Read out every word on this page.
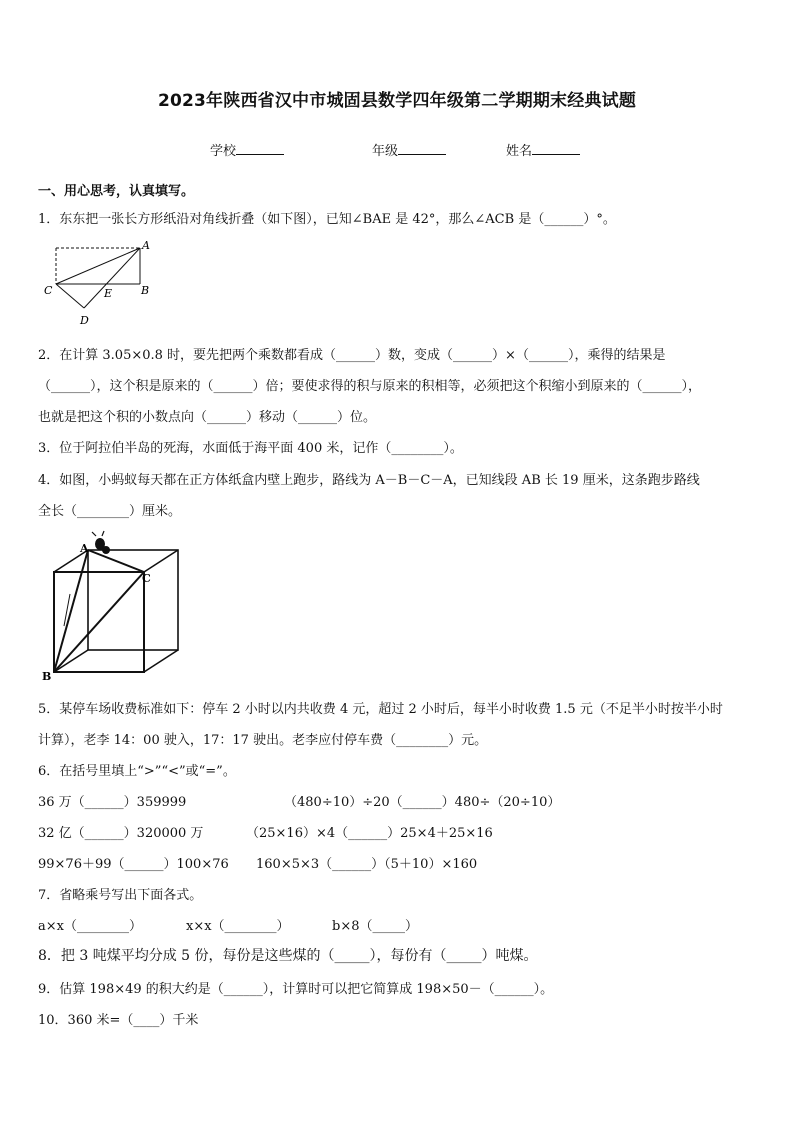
2023年陕西省汉中市城固县数学四年级第二学期期末经典试题
学校	年级	姓名
一、用心思考，认真填写。
1．东东把一张长方形纸沿对角线折叠（如下图），已知∠BAE 是 42°，那么∠ACB 是（______）°。
A
B
C
D
E
2．在计算 3.05×0.8 时，要先把两个乘数都看成（______）数，变成（______）×（______），乘得的结果是
（______），这个积是原来的（______）倍；要使求得的积与原来的积相等，必须把这个积缩小到原来的（______），
也就是把这个积的小数点向（______）移动（______）位。
3．位于阿拉伯半岛的死海，水面低于海平面 400 米，记作（________）。
4．如图，小蚂蚁每天都在正方体纸盒内壁上跑步，路线为 A－B－C－A，已知线段 AB 长 19 厘米，这条跑步路线
全长（________）厘米。
A
B
C
5．某停车场收费标准如下：停车 2 小时以内共收费 4 元，超过 2 小时后，每半小时收费 1.5 元（不足半小时按半小时
计算），老李 14：00 驶入，17：17 驶出。老李应付停车费（________）元。
6．在括号里填上“>”“<”或“=”。
36 万（______）359999	（480÷10）÷20（______）480÷（20÷10）
32 亿（______）320000 万	（25×16）×4（______）25×4＋25×16
99×76＋99（______）100×76 160×5×3（______）（5＋10）×160
7．省略乘号写出下面各式。
a×x（________）	x×x（________）	b×8（_____）
8．把 3 吨煤平均分成 5 份，每份是这些煤的（_____），每份有（_____）吨煤。
9．估算 198×49 的积大约是（______），计算时可以把它简算成 198×50－（______）。
10．360 米=（____）千米
